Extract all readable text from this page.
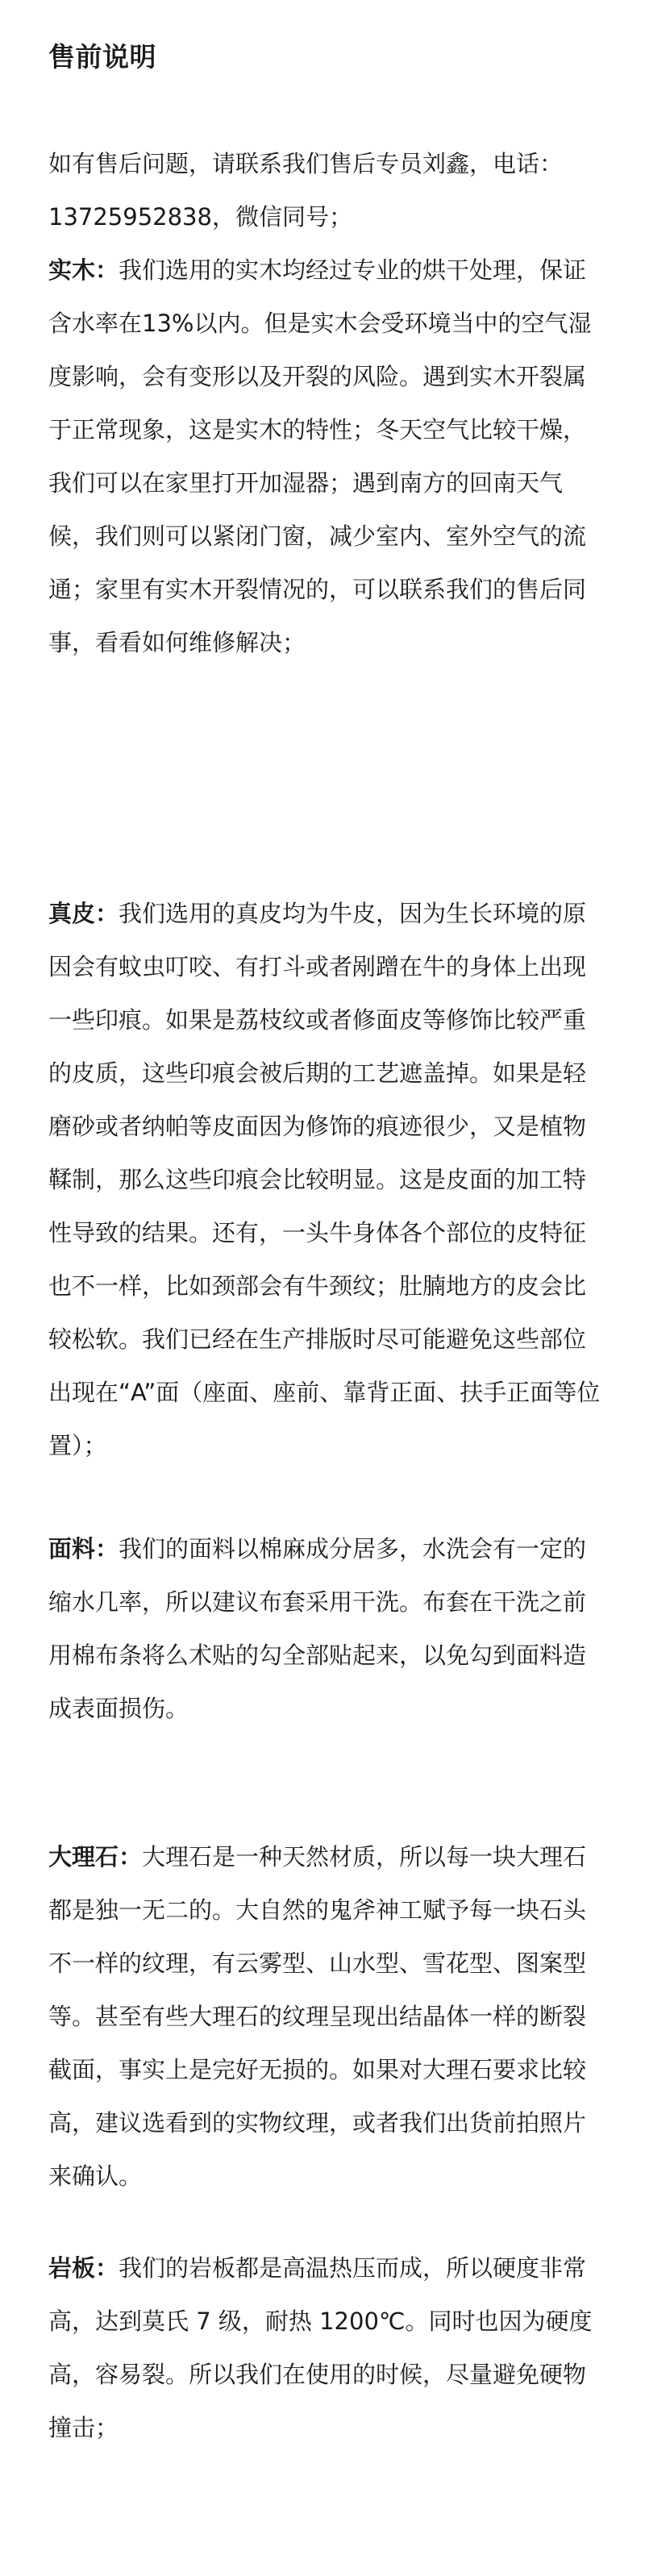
售前说明

如有售后问题，请联系我们售后专员刘鑫，电话：13725952838，微信同号；

实木：我们选用的实木均经过专业的烘干处理，保证含水率在13%以内。但是实木会受环境当中的空气湿度影响，会有变形以及开裂的风险。遇到实木开裂属于正常现象，这是实木的特性；冬天空气比较干燥，我们可以在家里打开加湿器；遇到南方的回南天气候，我们则可以紧闭门窗，减少室内、室外空气的流通；家里有实木开裂情况的，可以联系我们的售后同事，看看如何维修解决；

真皮：我们选用的真皮均为牛皮，因为生长环境的原因会有蚊虫叮咬、有打斗或者剐蹭在牛的身体上出现一些印痕。如果是荔枝纹或者修面皮等修饰比较严重的皮质，这些印痕会被后期的工艺遮盖掉。如果是轻磨砂或者纳帕等皮面因为修饰的痕迹很少，又是植物鞣制，那么这些印痕会比较明显。这是皮面的加工特性导致的结果。还有，一头牛身体各个部位的皮特征也不一样，比如颈部会有牛颈纹；肚腩地方的皮会比较松软。我们已经在生产排版时尽可能避免这些部位出现在“A”面（座面、座前、靠背正面、扶手正面等位置）；

面料：我们的面料以棉麻成分居多，水洗会有一定的缩水几率，所以建议布套采用干洗。布套在干洗之前用棉布条将么术贴的勾全部贴起来，以免勾到面料造成表面损伤。

大理石：大理石是一种天然材质，所以每一块大理石都是独一无二的。大自然的鬼斧神工赋予每一块石头不一样的纹理，有云雾型、山水型、雪花型、图案型等。甚至有些大理石的纹理呈现出结晶体一样的断裂截面，事实上是完好无损的。如果对大理石要求比较高，建议选看到的实物纹理，或者我们出货前拍照片来确认。

岩板：我们的岩板都是高温热压而成，所以硬度非常高，达到莫氏 7 级，耐热 1200℃。同时也因为硬度高，容易裂。所以我们在使用的时候，尽量避免硬物撞击；
